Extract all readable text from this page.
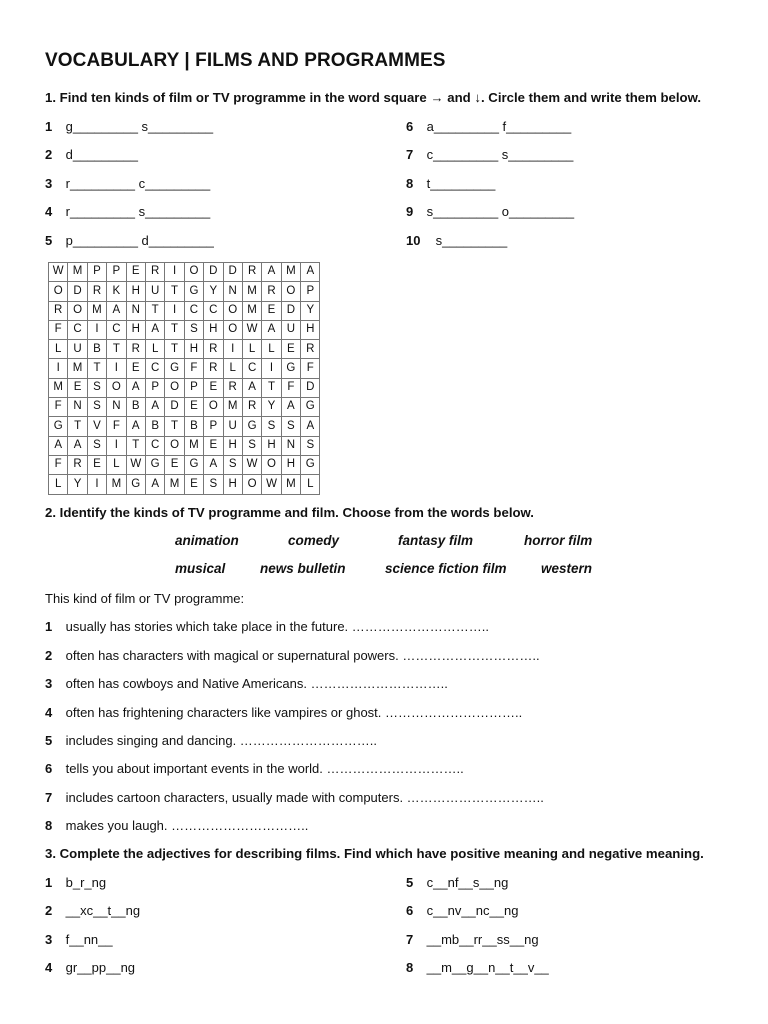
VOCABULARY | FILMS AND PROGRAMMES
1. Find ten kinds of film or TV programme in the word square → and ↓. Circle them and write them below.
1 g_________ s_________
2 d_________
3 r_________ c_________
4 r_________ s_________
5 p_________ d_________
6 a_________ f_________
7 c_________ s_________
8 t_________
9 s_________ o_________
10 s_________
W	M	P	P	E	R	I	O	D	D	R	A	M	A
O	D	R	K	H	U	T	G	Y	N	M	R	O	P
R	O	M	A	N	T	I	C	C	O	M	E	D	Y
F	C	I	C	H	A	T	S	H	O	W	A	U	H
L	U	B	T	R	L	T	H	R	I	L	L	E	R
I	M	T	I	E	C	G	F	R	L	C	I	G	F
M	E	S	O	A	P	O	P	E	R	A	T	F	D
F	N	S	N	B	A	D	E	O	M	R	Y	A	G
G	T	V	F	A	B	T	B	P	U	G	S	S	A
A	A	S	I	T	C	O	M	E	H	S	H	N	S
F	R	E	L	W	G	E	G	A	S	W	O	H	G
L	Y	I	M	G	A	M	E	S	H	O	W	M	L
2. Identify the kinds of TV programme and film. Choose from the words below.
animation	comedy	fantasy film	horror film
musical	news bulletin	science fiction film	western
This kind of film or TV programme:
1 usually has stories which take place in the future. …………………………..
2 often has characters with magical or supernatural powers. …………………………..
3 often has cowboys and Native Americans. …………………………..
4 often has frightening characters like vampires or ghost. …………………………..
5 includes singing and dancing. …………………………..
6 tells you about important events in the world. …………………………..
7 includes cartoon characters, usually made with computers. …………………………..
8 makes you laugh. …………………………..
3. Complete the adjectives for describing films. Find which have positive meaning and negative meaning.
1 b_r_ng
2 __xc__t__ng
3 f__nn__
4 gr__pp__ng
5 c__nf__s__ng
6 c__nv__nc__ng
7 __mb__rr__ss__ng
8 __m__g__n__t__v__
